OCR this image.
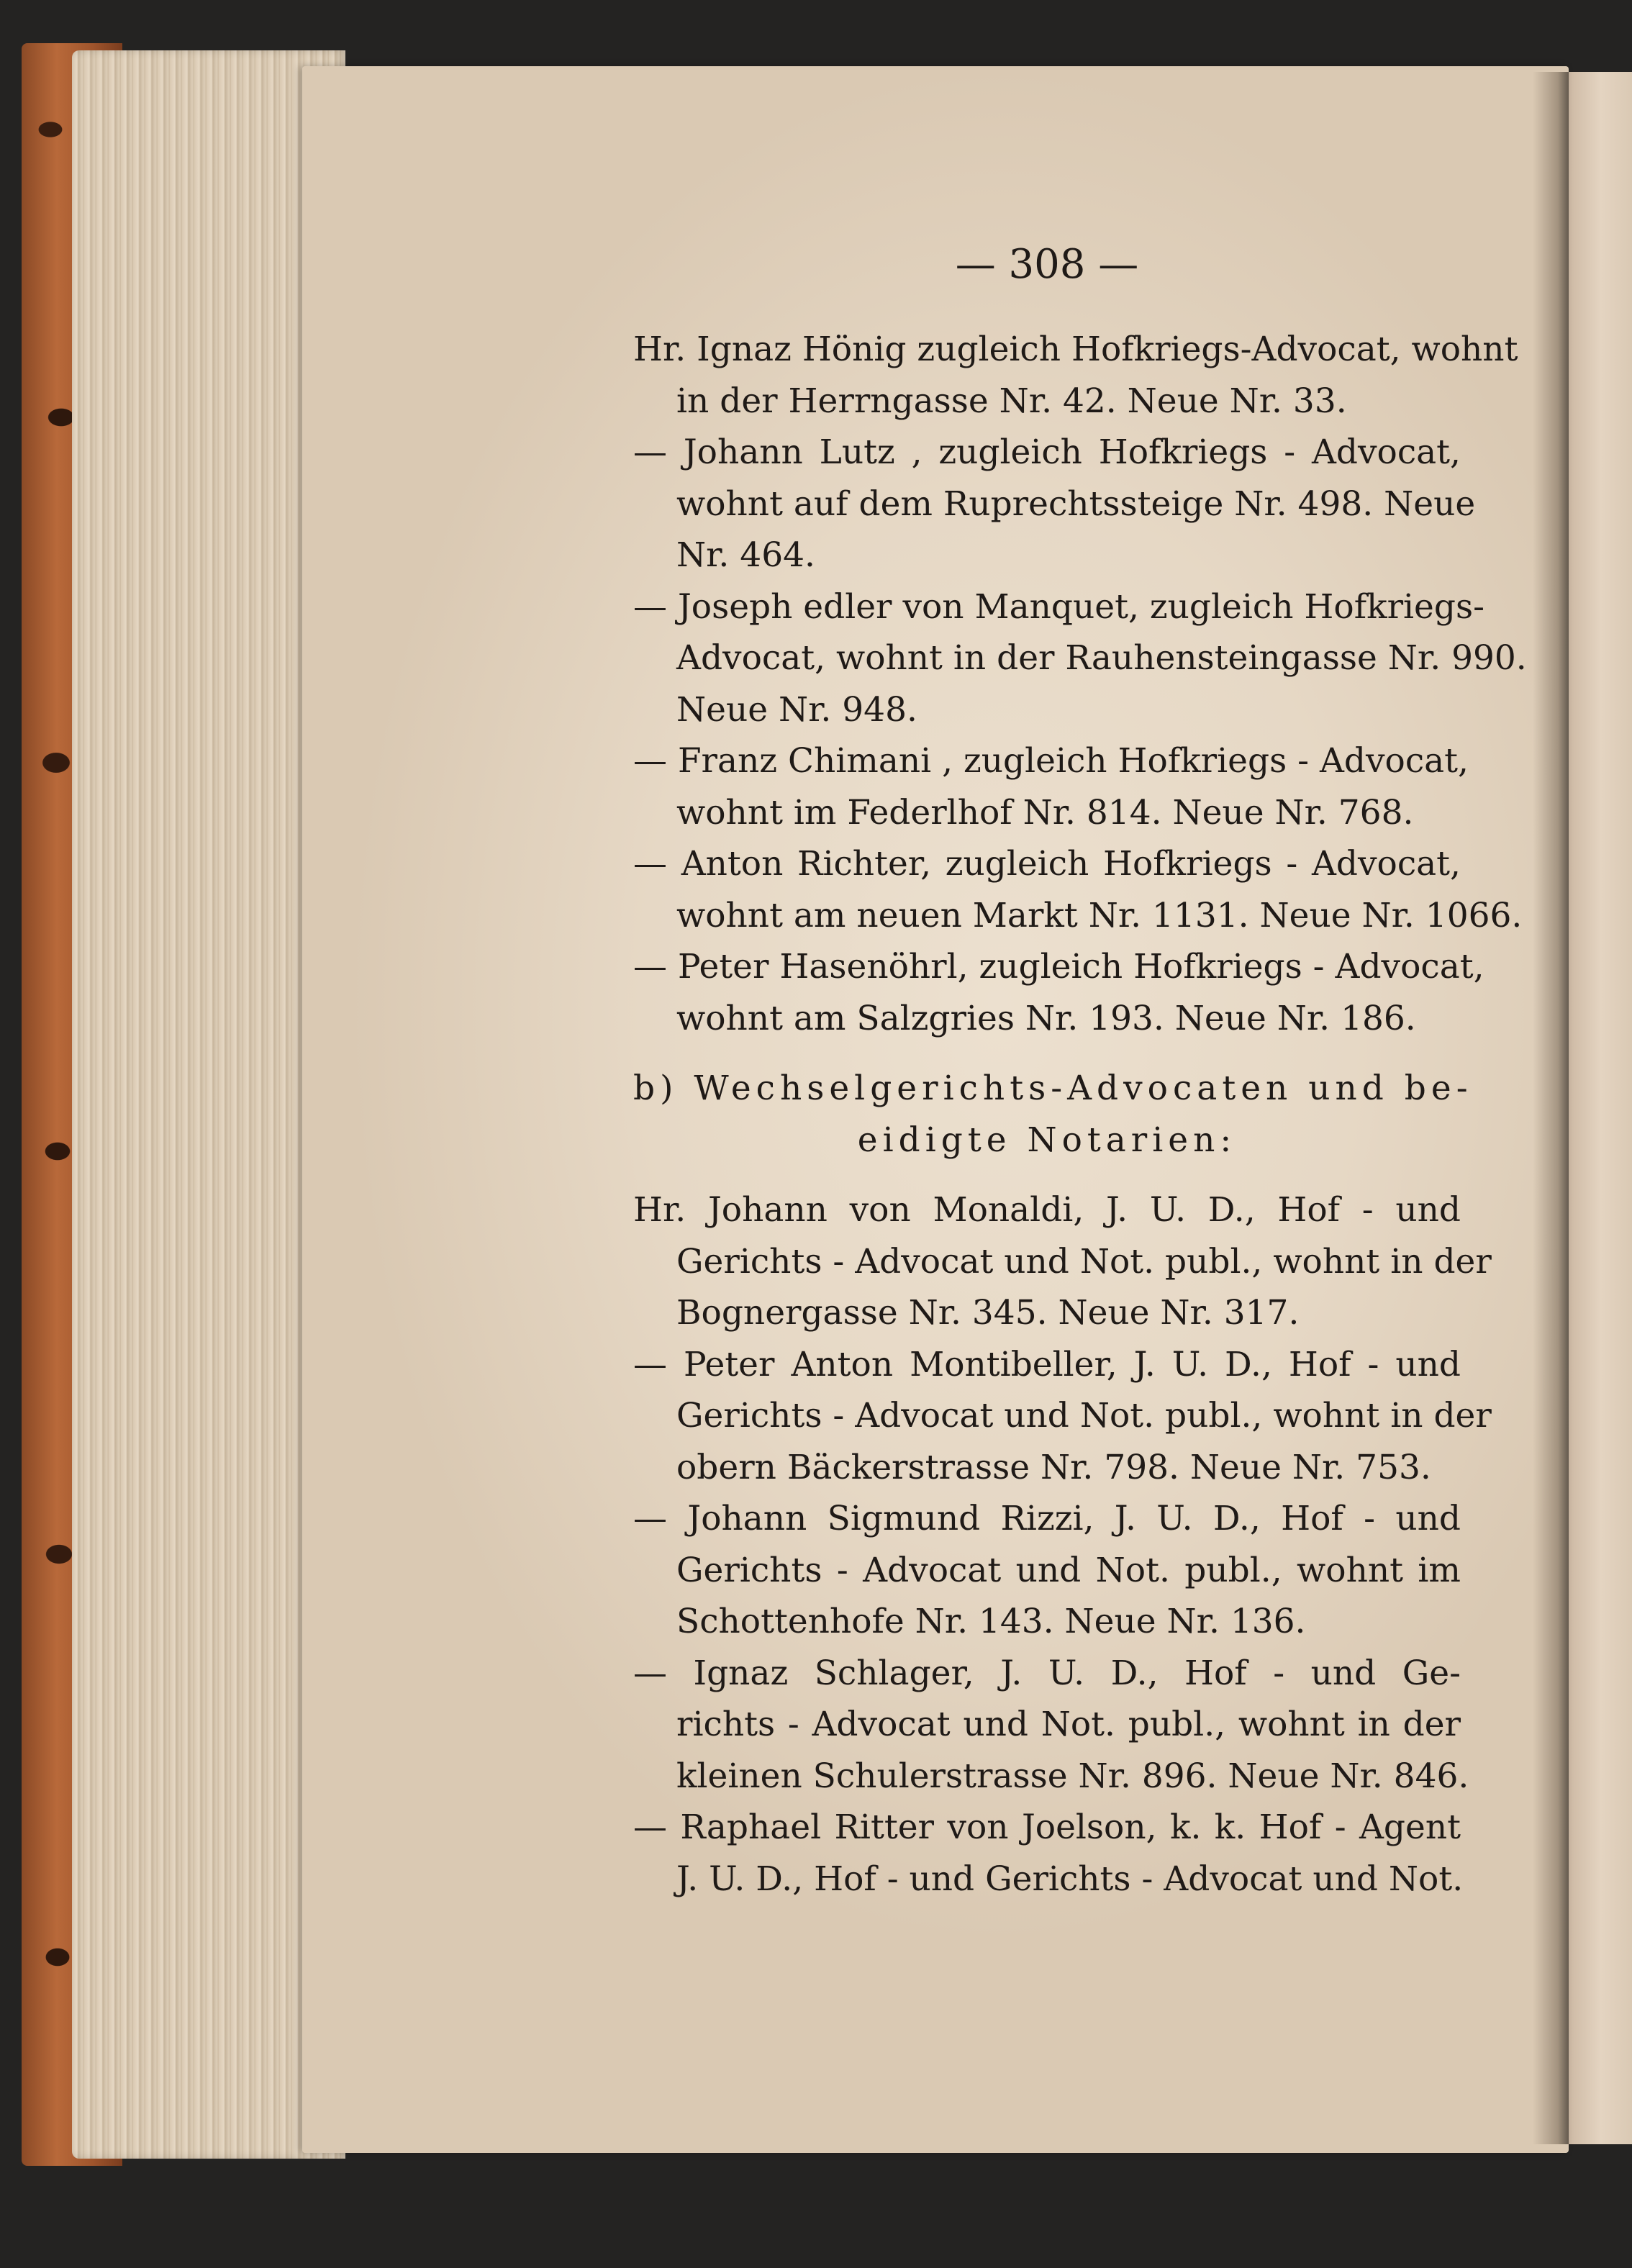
— 308 —
Hr. Ignaz Hönig zugleich Hofkriegs-Advocat, wohnt
in der Herrngasse Nr. 42. Neue Nr. 33.
— Johann Lutz , zugleich Hofkriegs - Advocat,
wohnt auf dem Ruprechtssteige Nr. 498. Neue
Nr. 464.
— Joseph edler von Manquet, zugleich Hofkriegs-
Advocat, wohnt in der Rauhensteingasse Nr. 990.
Neue Nr. 948.
— Franz Chimani , zugleich Hofkriegs - Advocat,
wohnt im Federlhof Nr. 814. Neue Nr. 768.
— Anton Richter, zugleich Hofkriegs - Advocat,
wohnt am neuen Markt Nr. 1131. Neue Nr. 1066.
— Peter Hasenöhrl, zugleich Hofkriegs - Advocat,
wohnt am Salzgries Nr. 193. Neue Nr. 186.
b) Wechselgerichts-Advocaten und be-
eidigte Notarien:
Hr. Johann von Monaldi, J. U. D., Hof - und
Gerichts - Advocat und Not. publ., wohnt in der
Bognergasse Nr. 345. Neue Nr. 317.
— Peter Anton Montibeller, J. U. D., Hof - und
Gerichts - Advocat und Not. publ., wohnt in der
obern Bäckerstrasse Nr. 798. Neue Nr. 753.
— Johann Sigmund Rizzi, J. U. D., Hof - und
Gerichts - Advocat und Not. publ., wohnt im
Schottenhofe Nr. 143. Neue Nr. 136.
— Ignaz Schlager, J. U. D., Hof - und Ge-
richts - Advocat und Not. publ., wohnt in der
kleinen Schulerstrasse Nr. 896. Neue Nr. 846.
— Raphael Ritter von Joelson, k. k. Hof - Agent
J. U. D., Hof - und Gerichts - Advocat und Not.
